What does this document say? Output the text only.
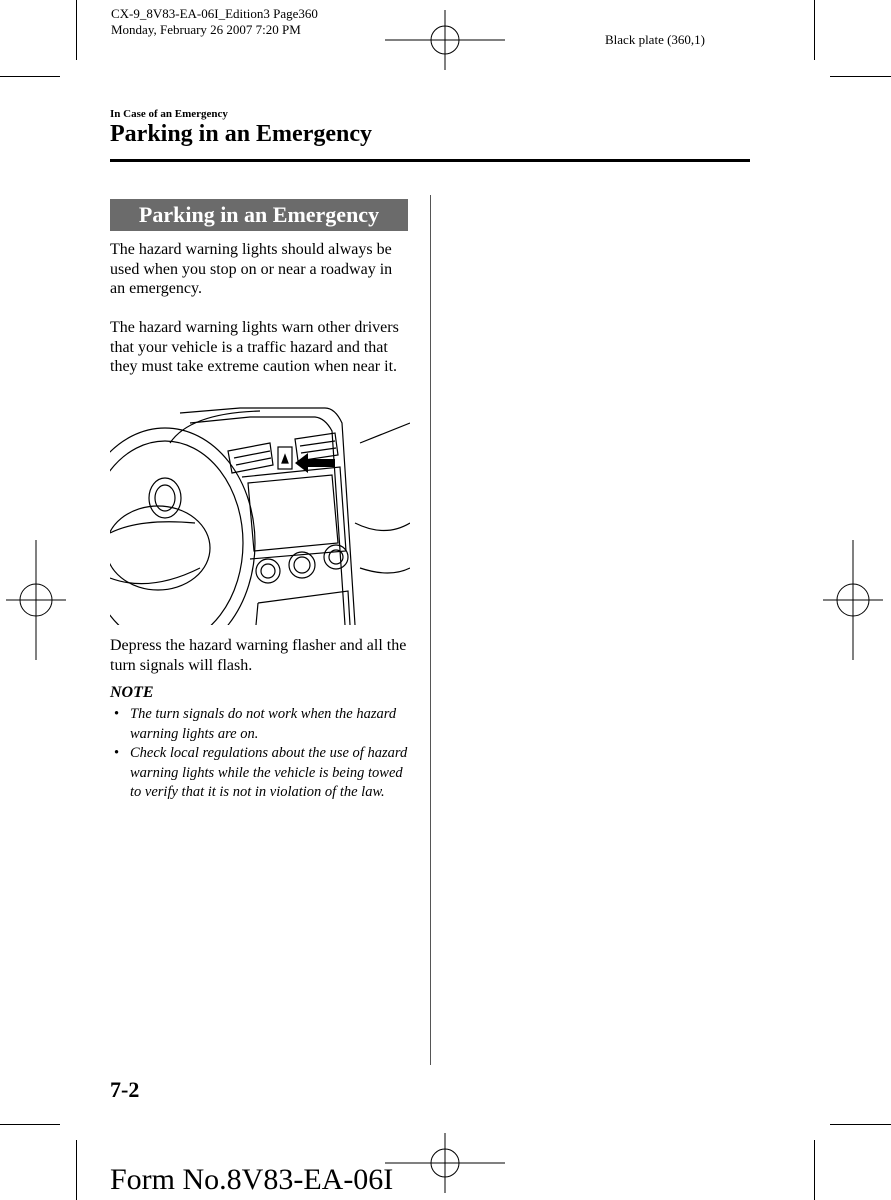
CX-9_8V83-EA-06I_Edition3 Page360
Monday, February 26 2007 7:20 PM
Black plate (360,1)
In Case of an Emergency
Parking in an Emergency
Parking in an Emergency
The hazard warning lights should always be used when you stop on or near a roadway in an emergency.
The hazard warning lights warn other drivers that your vehicle is a traffic hazard and that they must take extreme caution when near it.
Depress the hazard warning flasher and all the turn signals will flash.
NOTE
• The turn signals do not work when the hazard warning lights are on.
• Check local regulations about the use of hazard warning lights while the vehicle is being towed to verify that it is not in violation of the law.
7-2
Form No.8V83-EA-06I
